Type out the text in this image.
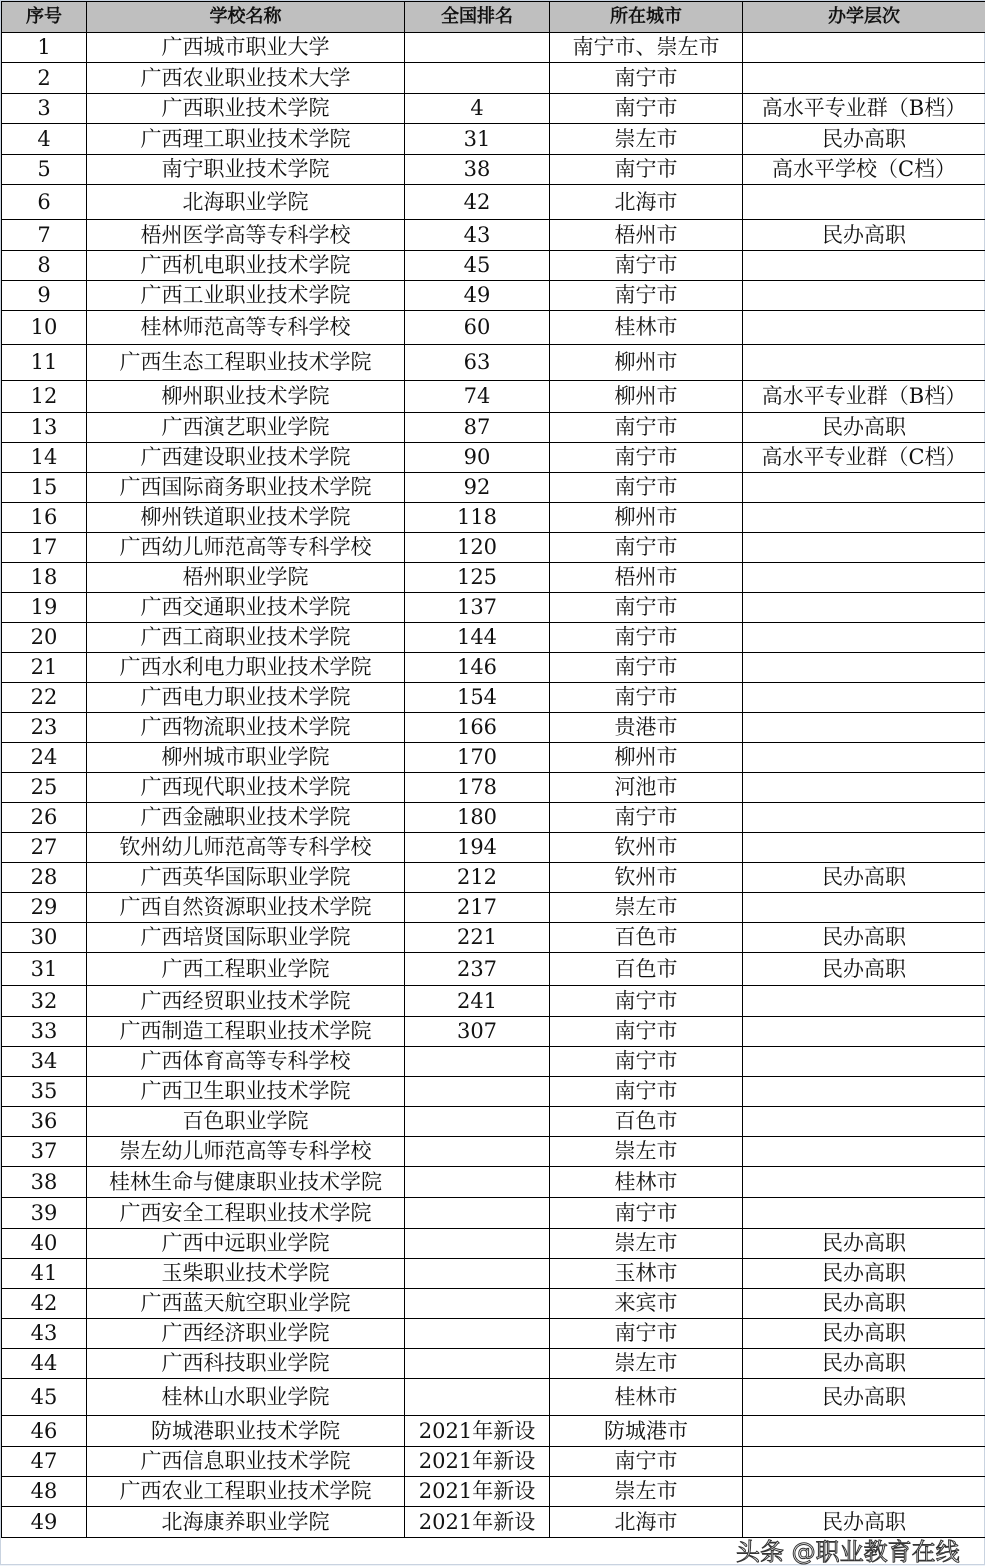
序号	学校名称	全国排名	所在城市	办学层次
1	广西城市职业大学		南宁市、崇左市	
2	广西农业职业技术大学		南宁市	
3	广西职业技术学院	4	南宁市	高水平专业群（B档）
4	广西理工职业技术学院	31	崇左市	民办高职
5	南宁职业技术学院	38	南宁市	高水平学校（C档）
6	北海职业学院	42	北海市	
7	梧州医学高等专科学校	43	梧州市	民办高职
8	广西机电职业技术学院	45	南宁市	
9	广西工业职业技术学院	49	南宁市	
10	桂林师范高等专科学校	60	桂林市	
11	广西生态工程职业技术学院	63	柳州市	
12	柳州职业技术学院	74	柳州市	高水平专业群（B档）
13	广西演艺职业学院	87	南宁市	民办高职
14	广西建设职业技术学院	90	南宁市	高水平专业群（C档）
15	广西国际商务职业技术学院	92	南宁市	
16	柳州铁道职业技术学院	118	柳州市	
17	广西幼儿师范高等专科学校	120	南宁市	
18	梧州职业学院	125	梧州市	
19	广西交通职业技术学院	137	南宁市	
20	广西工商职业技术学院	144	南宁市	
21	广西水利电力职业技术学院	146	南宁市	
22	广西电力职业技术学院	154	南宁市	
23	广西物流职业技术学院	166	贵港市	
24	柳州城市职业学院	170	柳州市	
25	广西现代职业技术学院	178	河池市	
26	广西金融职业技术学院	180	南宁市	
27	钦州幼儿师范高等专科学校	194	钦州市	
28	广西英华国际职业学院	212	钦州市	民办高职
29	广西自然资源职业技术学院	217	崇左市	
30	广西培贤国际职业学院	221	百色市	民办高职
31	广西工程职业学院	237	百色市	民办高职
32	广西经贸职业技术学院	241	南宁市	
33	广西制造工程职业技术学院	307	南宁市	
34	广西体育高等专科学校		南宁市	
35	广西卫生职业技术学院		南宁市	
36	百色职业学院		百色市	
37	崇左幼儿师范高等专科学校		崇左市	
38	桂林生命与健康职业技术学院		桂林市	
39	广西安全工程职业技术学院		南宁市	
40	广西中远职业学院		崇左市	民办高职
41	玉柴职业技术学院		玉林市	民办高职
42	广西蓝天航空职业学院		来宾市	民办高职
43	广西经济职业学院		南宁市	民办高职
44	广西科技职业学院		崇左市	民办高职
45	桂林山水职业学院		桂林市	民办高职
46	防城港职业技术学院	2021年新设	防城港市	
47	广西信息职业技术学院	2021年新设	南宁市	
48	广西农业工程职业技术学院	2021年新设	崇左市	
49	北海康养职业学院	2021年新设	北海市	民办高职
头条 @职业教育在线
